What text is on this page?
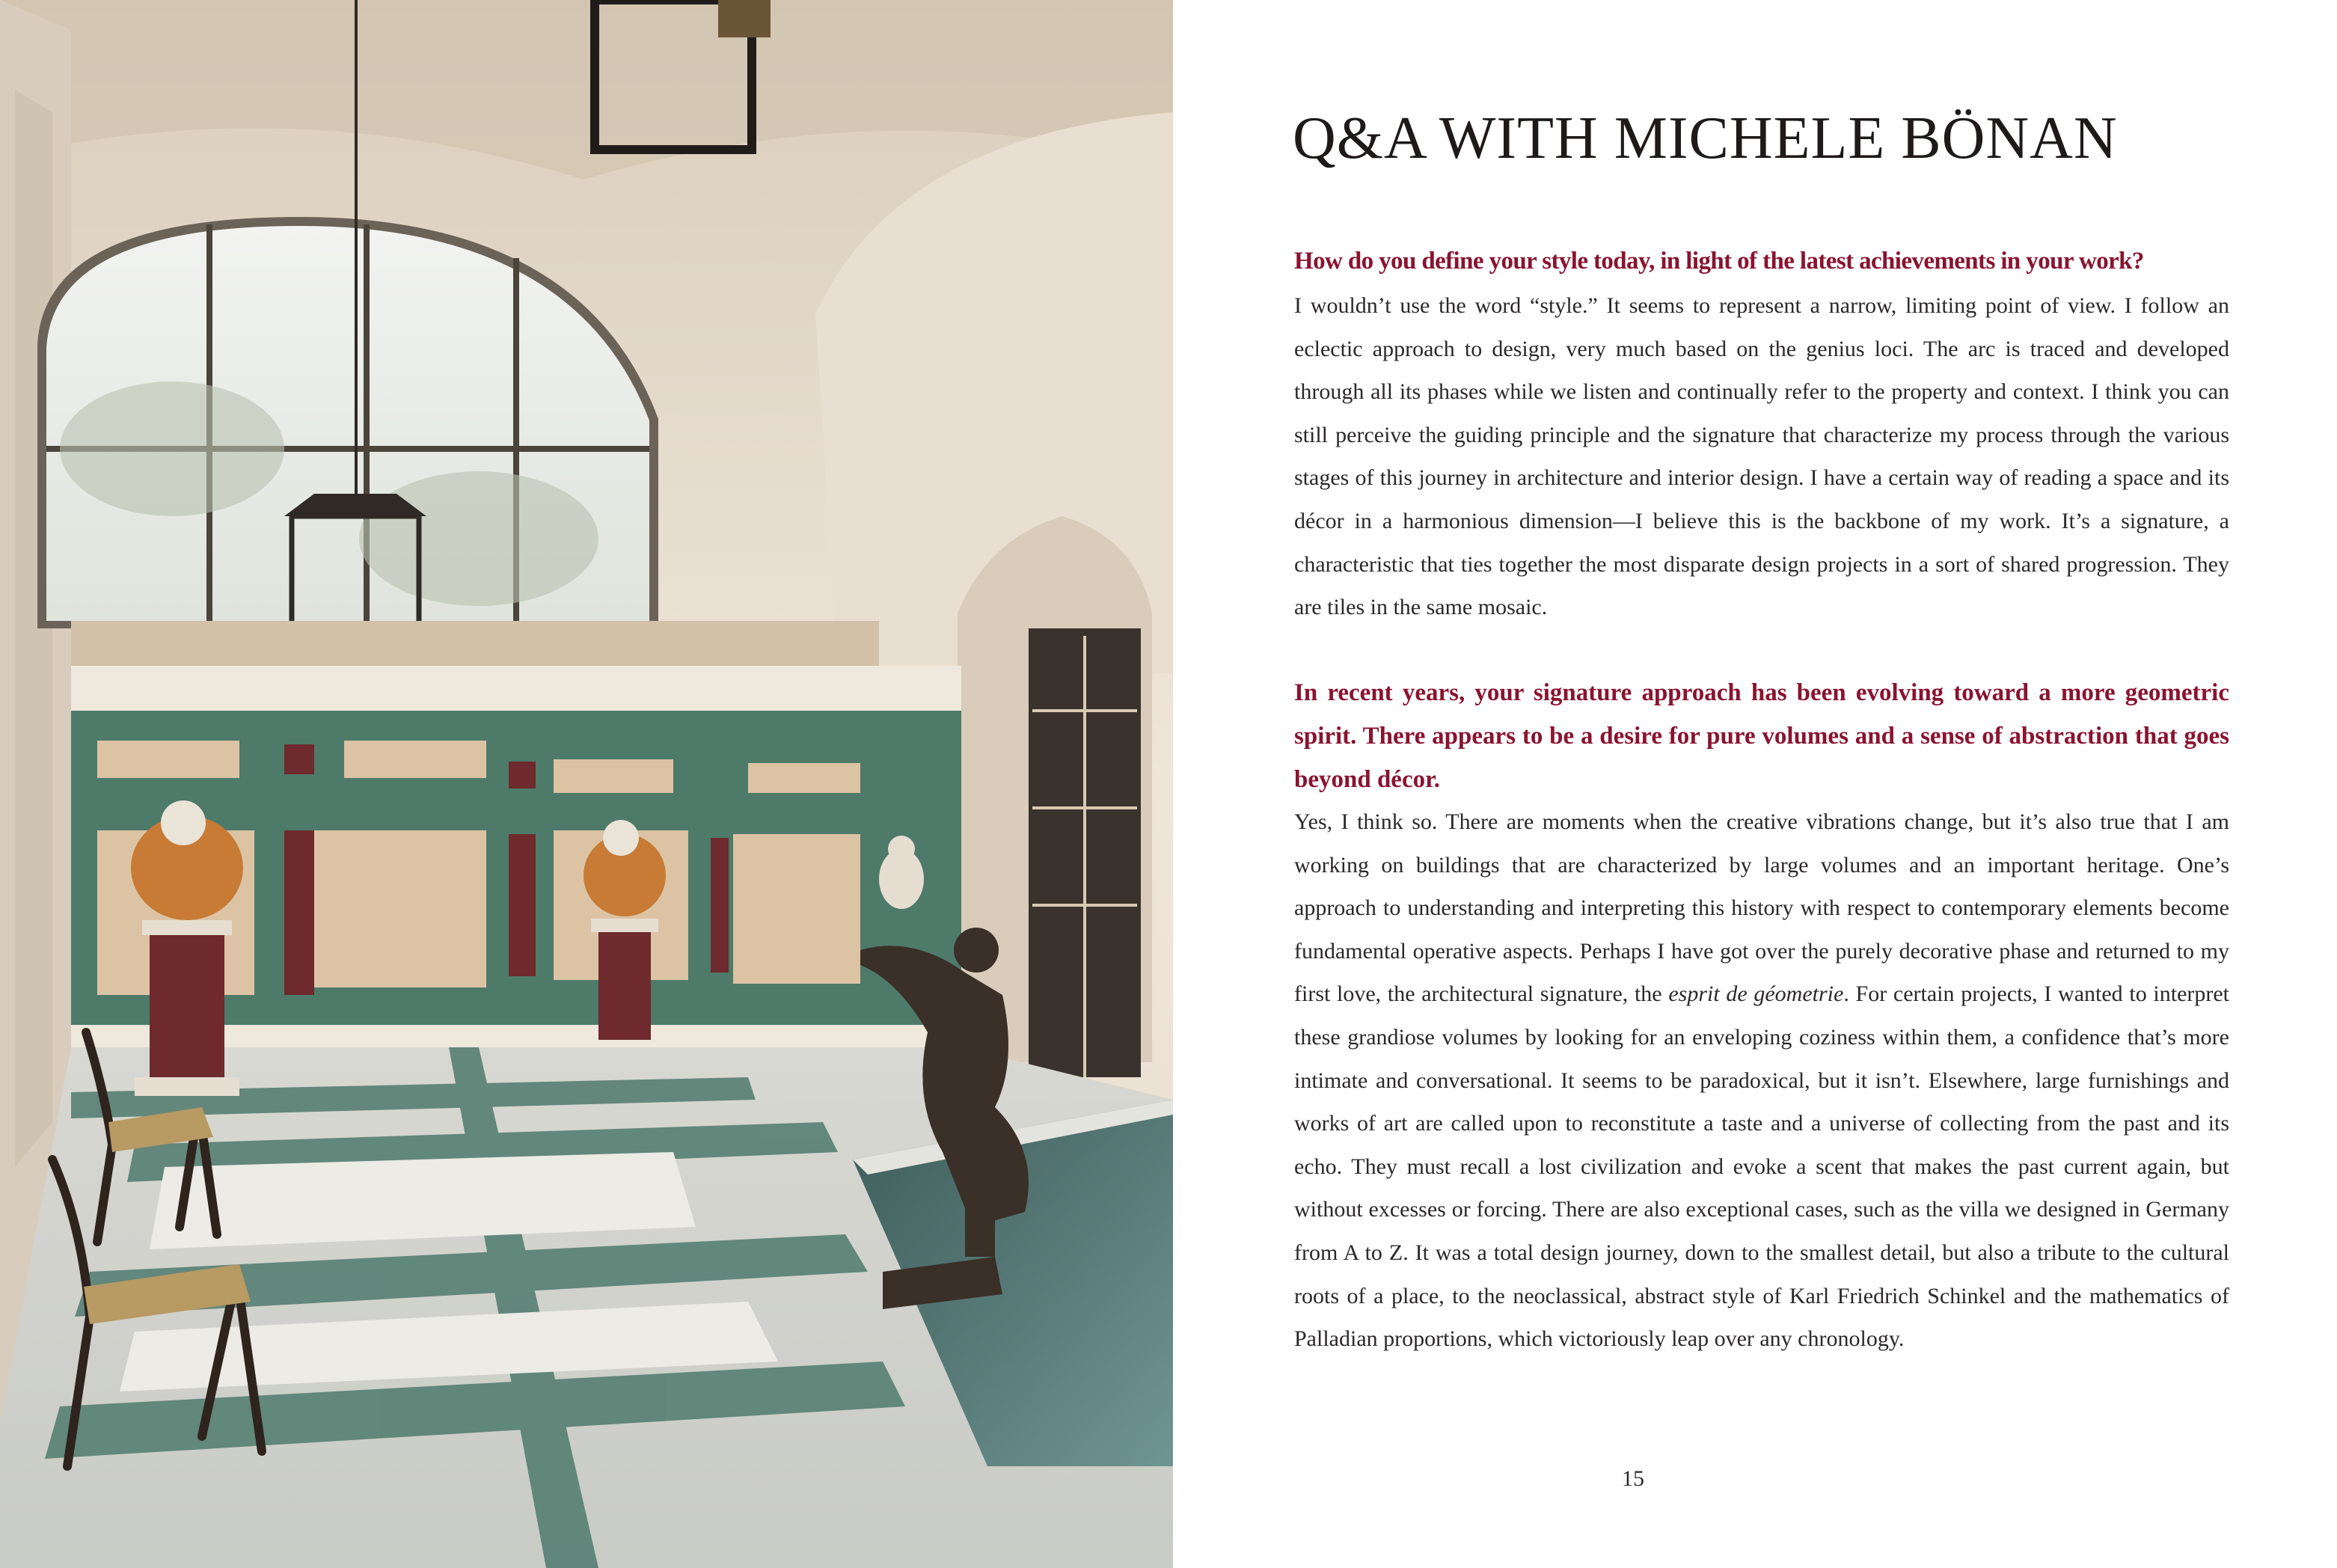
Q&A WITH MICHELE BÖNAN

How do you define your style today, in light of the latest achievements in your work?

I wouldn’t use the word “style.” It seems to represent a narrow, limiting point of view. I follow an eclectic approach to design, very much based on the genius loci. The arc is traced and developed through all its phases while we listen and continually refer to the property and context. I think you can still perceive the guiding principle and the signature that characterize my process through the various stages of this journey in architecture and interior design. I have a certain way of reading a space and its décor in a harmonious dimension—I believe this is the backbone of my work. It’s a signature, a characteristic that ties together the most disparate design projects in a sort of shared progression. They are tiles in the same mosaic.

In recent years, your signature approach has been evolving toward a more geometric spirit. There appears to be a desire for pure volumes and a sense of abstraction that goes beyond décor.

Yes, I think so. There are moments when the creative vibrations change, but it’s also true that I am working on buildings that are characterized by large volumes and an important heritage. One’s approach to understanding and interpreting this history with respect to contemporary elements become fundamental operative aspects. Perhaps I have got over the purely decorative phase and returned to my first love, the architectural signature, the esprit de géometrie. For certain projects, I wanted to interpret these grandiose volumes by looking for an enveloping coziness within them, a confidence that’s more intimate and conversational. It seems to be paradoxical, but it isn’t. Elsewhere, large furnishings and works of art are called upon to reconstitute a taste and a universe of collecting from the past and its echo. They must recall a lost civilization and evoke a scent that makes the past current again, but without excesses or forcing. There are also exceptional cases, such as the villa we designed in Germany from A to Z. It was a total design journey, down to the smallest detail, but also a tribute to the cultural roots of a place, to the neoclassical, abstract style of Karl Friedrich Schinkel and the mathematics of Palladian proportions, which victoriously leap over any chronology.

15
